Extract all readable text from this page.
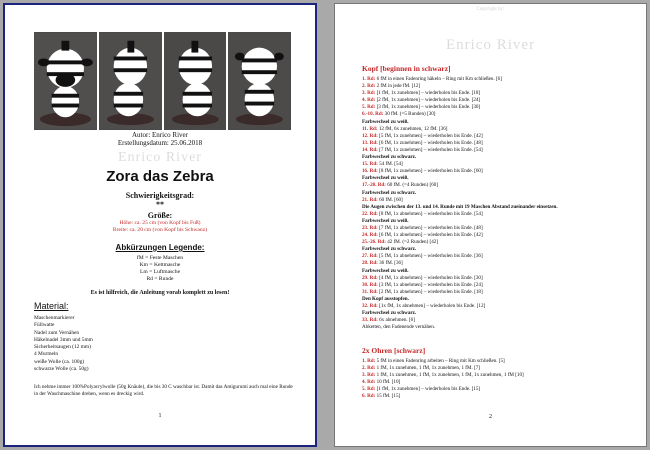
Autor: Enrico River
Erstellungsdatum: 25.06.2018
Enrico River
Zora das Zebra
Schwierigkeitsgrad:
**
Größe:
Höhe: ca. 25 cm (von Kopf bis Fuß)
Breite: ca. 20 cm (von Kopf bis Schwanz)
Abkürzungen Legende:
fM = Feste Maschen
Km = Kettmasche
Lm = Luftmasche
Rd = Runde
Es ist hilfreich, die Anleitung vorab komplett zu lesen!
Material:
Maschenmarkierer
Füllwatte
Nadel zum Vernähen
Häkelnadel 3mm und 5mm
Sicherheitsaugen (12 mm)
4 Murmeln
weiße Wolle (ca. 100g)
schwarze Wolle (ca. 50g)
Ich nehme immer 100%Polyacrylwolle (50g Knäule), die bis 30 C waschbar ist. Damit das Amigurumi auch mal eine Runde in der Waschmaschine drehen, wenn es dreckig wird.
1
Copyright by:
Enrico River
Kopf [beginnen in schwarz]
1. Rd: 6 fM in einen Fadenring häkeln – Ring mit Km schließen. [6]
2. Rd: 2 fM in jede fM. [12]
3. Rd: [1 fM, 1x zunehmen] – wiederholen bis Ende. [18]
4. Rd: [2 fM, 1x zunehmen] – wiederholen bis Ende. [24]
5. Rd: [3 fM, 1x zunehmen] – wiederholen bis Ende. [30]
6.-10. Rd: 30 fM. (=5 Runden) [30]
Farbwechsel zu weiß.
11. Rd: 12 fM, 6x zunehmen, 12 fM. [36]
12. Rd: [5 fM, 1x zunehmen] – wiederholen bis Ende. [42]
13. Rd: [6 fM, 1x zunehmen] – wiederholen bis Ende. [48]
14. Rd: [7 fM, 1x zunehmen] – wiederholen bis Ende. [54]
Farbwechsel zu schwarz.
15. Rd: 54 fM. [54]
16. Rd: [8 fM, 1x zunehmen] – wiederholen bis Ende. [60]
Farbwechsel zu weiß.
17.-20. Rd: 60 fM. (=4 Runden) [60]
Farbwechsel zu schwarz.
21. Rd: 60 fM. [60]
Die Augen zwischen der 13. und 14. Runde mit 19 Maschen Abstand zueinander einsetzen.
22. Rd: [8 fM, 1x abnehmen] – wiederholen bis Ende. [54]
Farbwechsel zu weiß.
23. Rd: [7 fM, 1x abnehmen] – wiederholen bis Ende. [48]
24. Rd: [6 fM, 1x abnehmen] – wiederholen bis Ende. [42]
25.-26. Rd: 42 fM. (=2 Runden) [42]
Farbwechsel zu schwarz.
27. Rd: [5 fM, 1x abnehmen] – wiederholen bis Ende. [36]
28. Rd: 36 fM. [36]
Farbwechsel zu weiß.
29. Rd: [4 fM, 1x abnehmen] – wiederholen bis Ende. [30]
30. Rd: [3 fM, 1x abnehmen] – wiederholen bis Ende. [24]
31. Rd: [2 fM, 1x abnehmen] – wiederholen bis Ende. [18]
Den Kopf ausstopfen.
32. Rd: [1x fM, 1x abnehmen] – wiederholen bis Ende. [12]
Farbwechsel zu schwarz.
33. Rd: 6x abnehmen. [6]
Abketten, den Fadenende vernähen.
2x Ohren [schwarz]
1. Rd: 5 fM in einen Fadenring arbeiten – Ring mit Km schließen. [5]
2. Rd: 1 fM, 1x zunehmen, 1 fM, 1x zunehmen, 1 fM. [7]
3. Rd: 1 fM, 1x zunehmen, 1 fM, 1x zunehmen, 1 fM, 1x zunehmen, 1 fM [10]
4. Rd: 10 fM. [10]
5. Rd: [1 fM, 1x zunehmen] – wiederholen bis Ende. [15]
6. Rd: 15 fM. [15]
2
